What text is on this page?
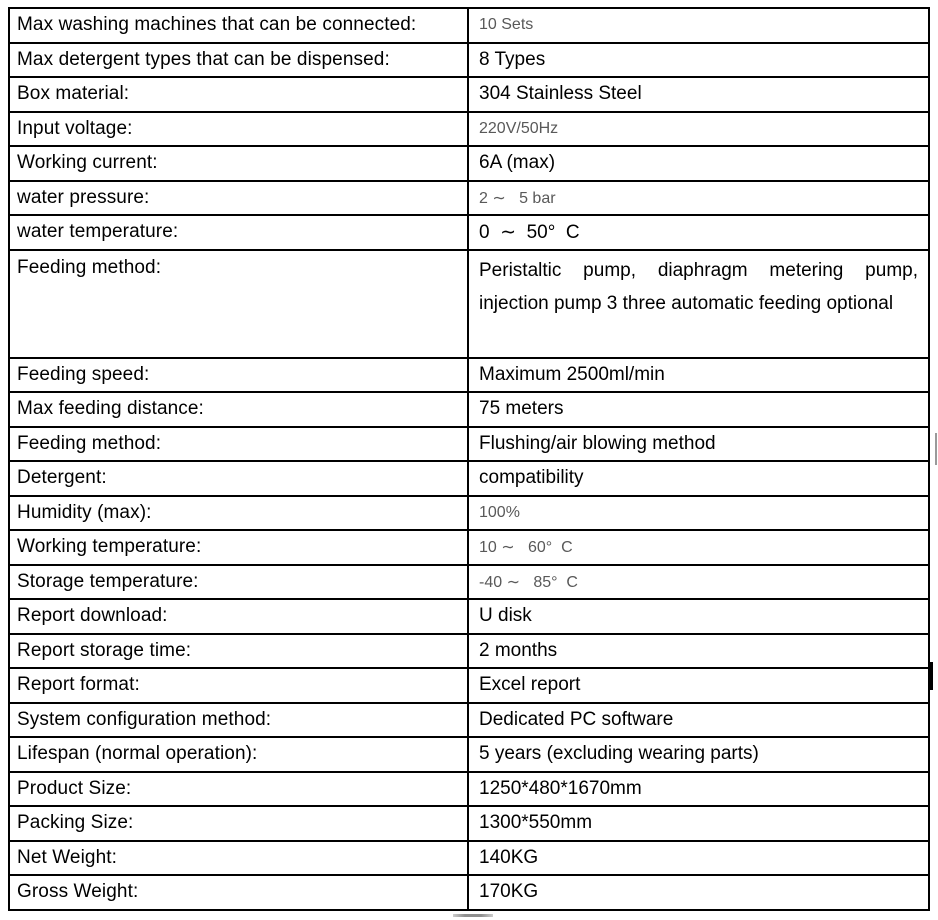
Max washing machines that can be connected:	10 Sets
Max detergent types that can be dispensed:	8 Types
Box material:	304 Stainless Steel
Input voltage:	220V/50Hz
Working current:	6A (max)
water pressure:	2 ∼   5 bar
water temperature:	0  ∼  50°  C
Feeding method:	Peristaltic pump, diaphragm metering pump, injection pump 3 three automatic feeding optional
Feeding speed:	Maximum 2500ml/min
Max feeding distance:	75 meters
Feeding method:	Flushing/air blowing method
Detergent:	compatibility
Humidity (max):	100%
Working temperature:	10 ∼   60°  C
Storage temperature:	-40 ∼   85°  C
Report download:	U disk
Report storage time:	2 months
Report format:	Excel report
System configuration method:	Dedicated PC software
Lifespan (normal operation):	5 years (excluding wearing parts)
Product Size:	1250*480*1670mm
Packing Size:	1300*550mm
Net Weight:	140KG
Gross Weight:	170KG
